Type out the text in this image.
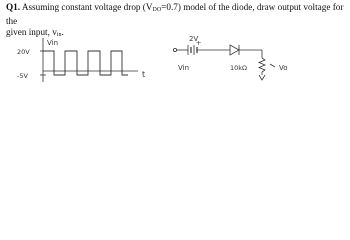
Q1. Assuming constant voltage drop (VDO=0.7) model of the diode, draw output voltage for the
given input, vin.
Vin
20V
-5V	t
2V
+
Vin	10kΩ	Vo
